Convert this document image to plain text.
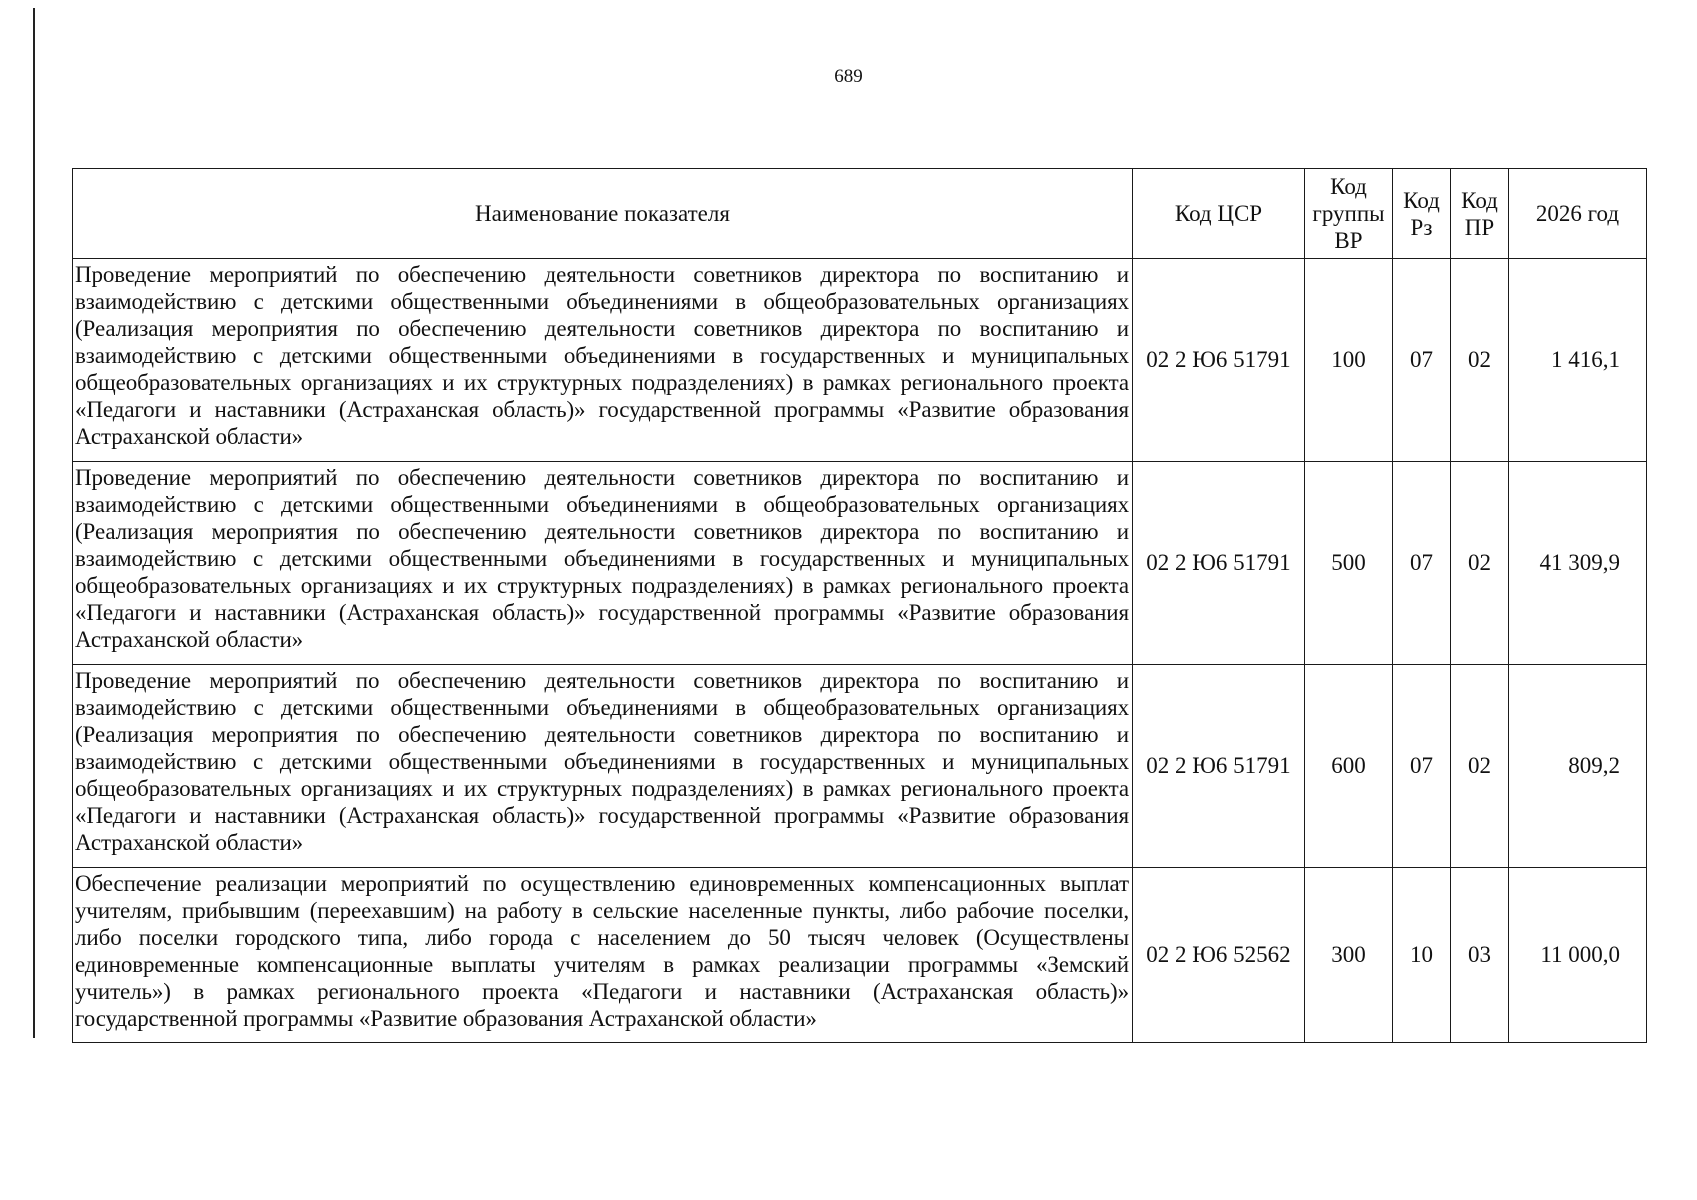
689
Наименование показателя	Код ЦСР	Код группы ВР	Код Рз	Код ПР	2026 год
Проведение мероприятий по обеспечению деятельности советников директора по воспитанию и взаимодействию с детскими общественными объединениями в общеобразовательных организациях (Реализация мероприятия по обеспечению деятельности советников директора по воспитанию и взаимодействию с детскими общественными объединениями в государственных и муниципальных общеобразовательных организациях и их структурных подразделениях) в рамках регионального проекта «Педагоги и наставники (Астраханская область)» государственной программы «Развитие образования Астраханской области»	02 2 Ю6 51791	100	07	02	1 416,1
Проведение мероприятий по обеспечению деятельности советников директора по воспитанию и взаимодействию с детскими общественными объединениями в общеобразовательных организациях (Реализация мероприятия по обеспечению деятельности советников директора по воспитанию и взаимодействию с детскими общественными объединениями в государственных и муниципальных общеобразовательных организациях и их структурных подразделениях) в рамках регионального проекта «Педагоги и наставники (Астраханская область)» государственной программы «Развитие образования Астраханской области»	02 2 Ю6 51791	500	07	02	41 309,9
Проведение мероприятий по обеспечению деятельности советников директора по воспитанию и взаимодействию с детскими общественными объединениями в общеобразовательных организациях (Реализация мероприятия по обеспечению деятельности советников директора по воспитанию и взаимодействию с детскими общественными объединениями в государственных и муниципальных общеобразовательных организациях и их структурных подразделениях) в рамках регионального проекта «Педагоги и наставники (Астраханская область)» государственной программы «Развитие образования Астраханской области»	02 2 Ю6 51791	600	07	02	809,2
Обеспечение реализации мероприятий по осуществлению единовременных компенсационных выплат учителям, прибывшим (переехавшим) на работу в сельские населенные пункты, либо рабочие поселки, либо поселки городского типа, либо города с населением до 50 тысяч человек (Осуществлены единовременные компенсационные выплаты учителям в рамках реализации программы «Земский учитель») в рамках регионального проекта «Педагоги и наставники (Астраханская область)» государственной программы «Развитие образования Астраханской области»	02 2 Ю6 52562	300	10	03	11 000,0
